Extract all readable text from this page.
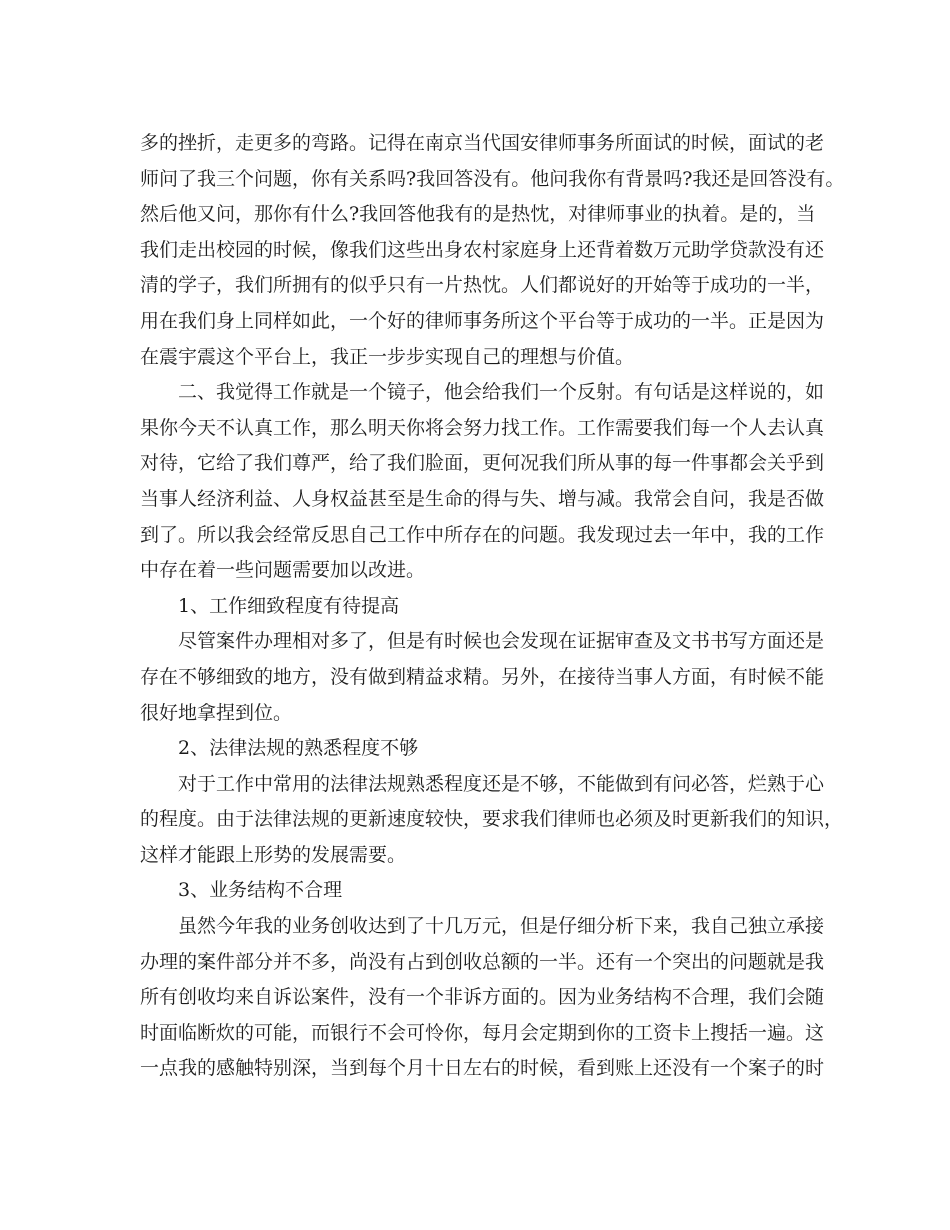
多的挫折，走更多的弯路。记得在南京当代国安律师事务所面试的时候，面试的老
师问了我三个问题，你有关系吗?我回答没有。他问我你有背景吗?我还是回答没有。
然后他又问，那你有什么?我回答他我有的是热忱，对律师事业的执着。是的，当
我们走出校园的时候，像我们这些出身农村家庭身上还背着数万元助学贷款没有还
清的学子，我们所拥有的似乎只有一片热忱。人们都说好的开始等于成功的一半，
用在我们身上同样如此，一个好的律师事务所这个平台等于成功的一半。正是因为
在震宇震这个平台上，我正一步步实现自己的理想与价值。
二、我觉得工作就是一个镜子，他会给我们一个反射。有句话是这样说的，如
果你今天不认真工作，那么明天你将会努力找工作。工作需要我们每一个人去认真
对待，它给了我们尊严，给了我们脸面，更何况我们所从事的每一件事都会关乎到
当事人经济利益、人身权益甚至是生命的得与失、增与减。我常会自问，我是否做
到了。所以我会经常反思自己工作中所存在的问题。我发现过去一年中，我的工作
中存在着一些问题需要加以改进。
1、工作细致程度有待提高
尽管案件办理相对多了，但是有时候也会发现在证据审查及文书书写方面还是
存在不够细致的地方，没有做到精益求精。另外，在接待当事人方面，有时候不能
很好地拿捏到位。
2、法律法规的熟悉程度不够
对于工作中常用的法律法规熟悉程度还是不够，不能做到有问必答，烂熟于心
的程度。由于法律法规的更新速度较快，要求我们律师也必须及时更新我们的知识，
这样才能跟上形势的发展需要。
3、业务结构不合理
虽然今年我的业务创收达到了十几万元，但是仔细分析下来，我自己独立承接
办理的案件部分并不多，尚没有占到创收总额的一半。还有一个突出的问题就是我
所有创收均来自诉讼案件，没有一个非诉方面的。因为业务结构不合理，我们会随
时面临断炊的可能，而银行不会可怜你，每月会定期到你的工资卡上搜括一遍。这
一点我的感触特别深，当到每个月十日左右的时候，看到账上还没有一个案子的时
